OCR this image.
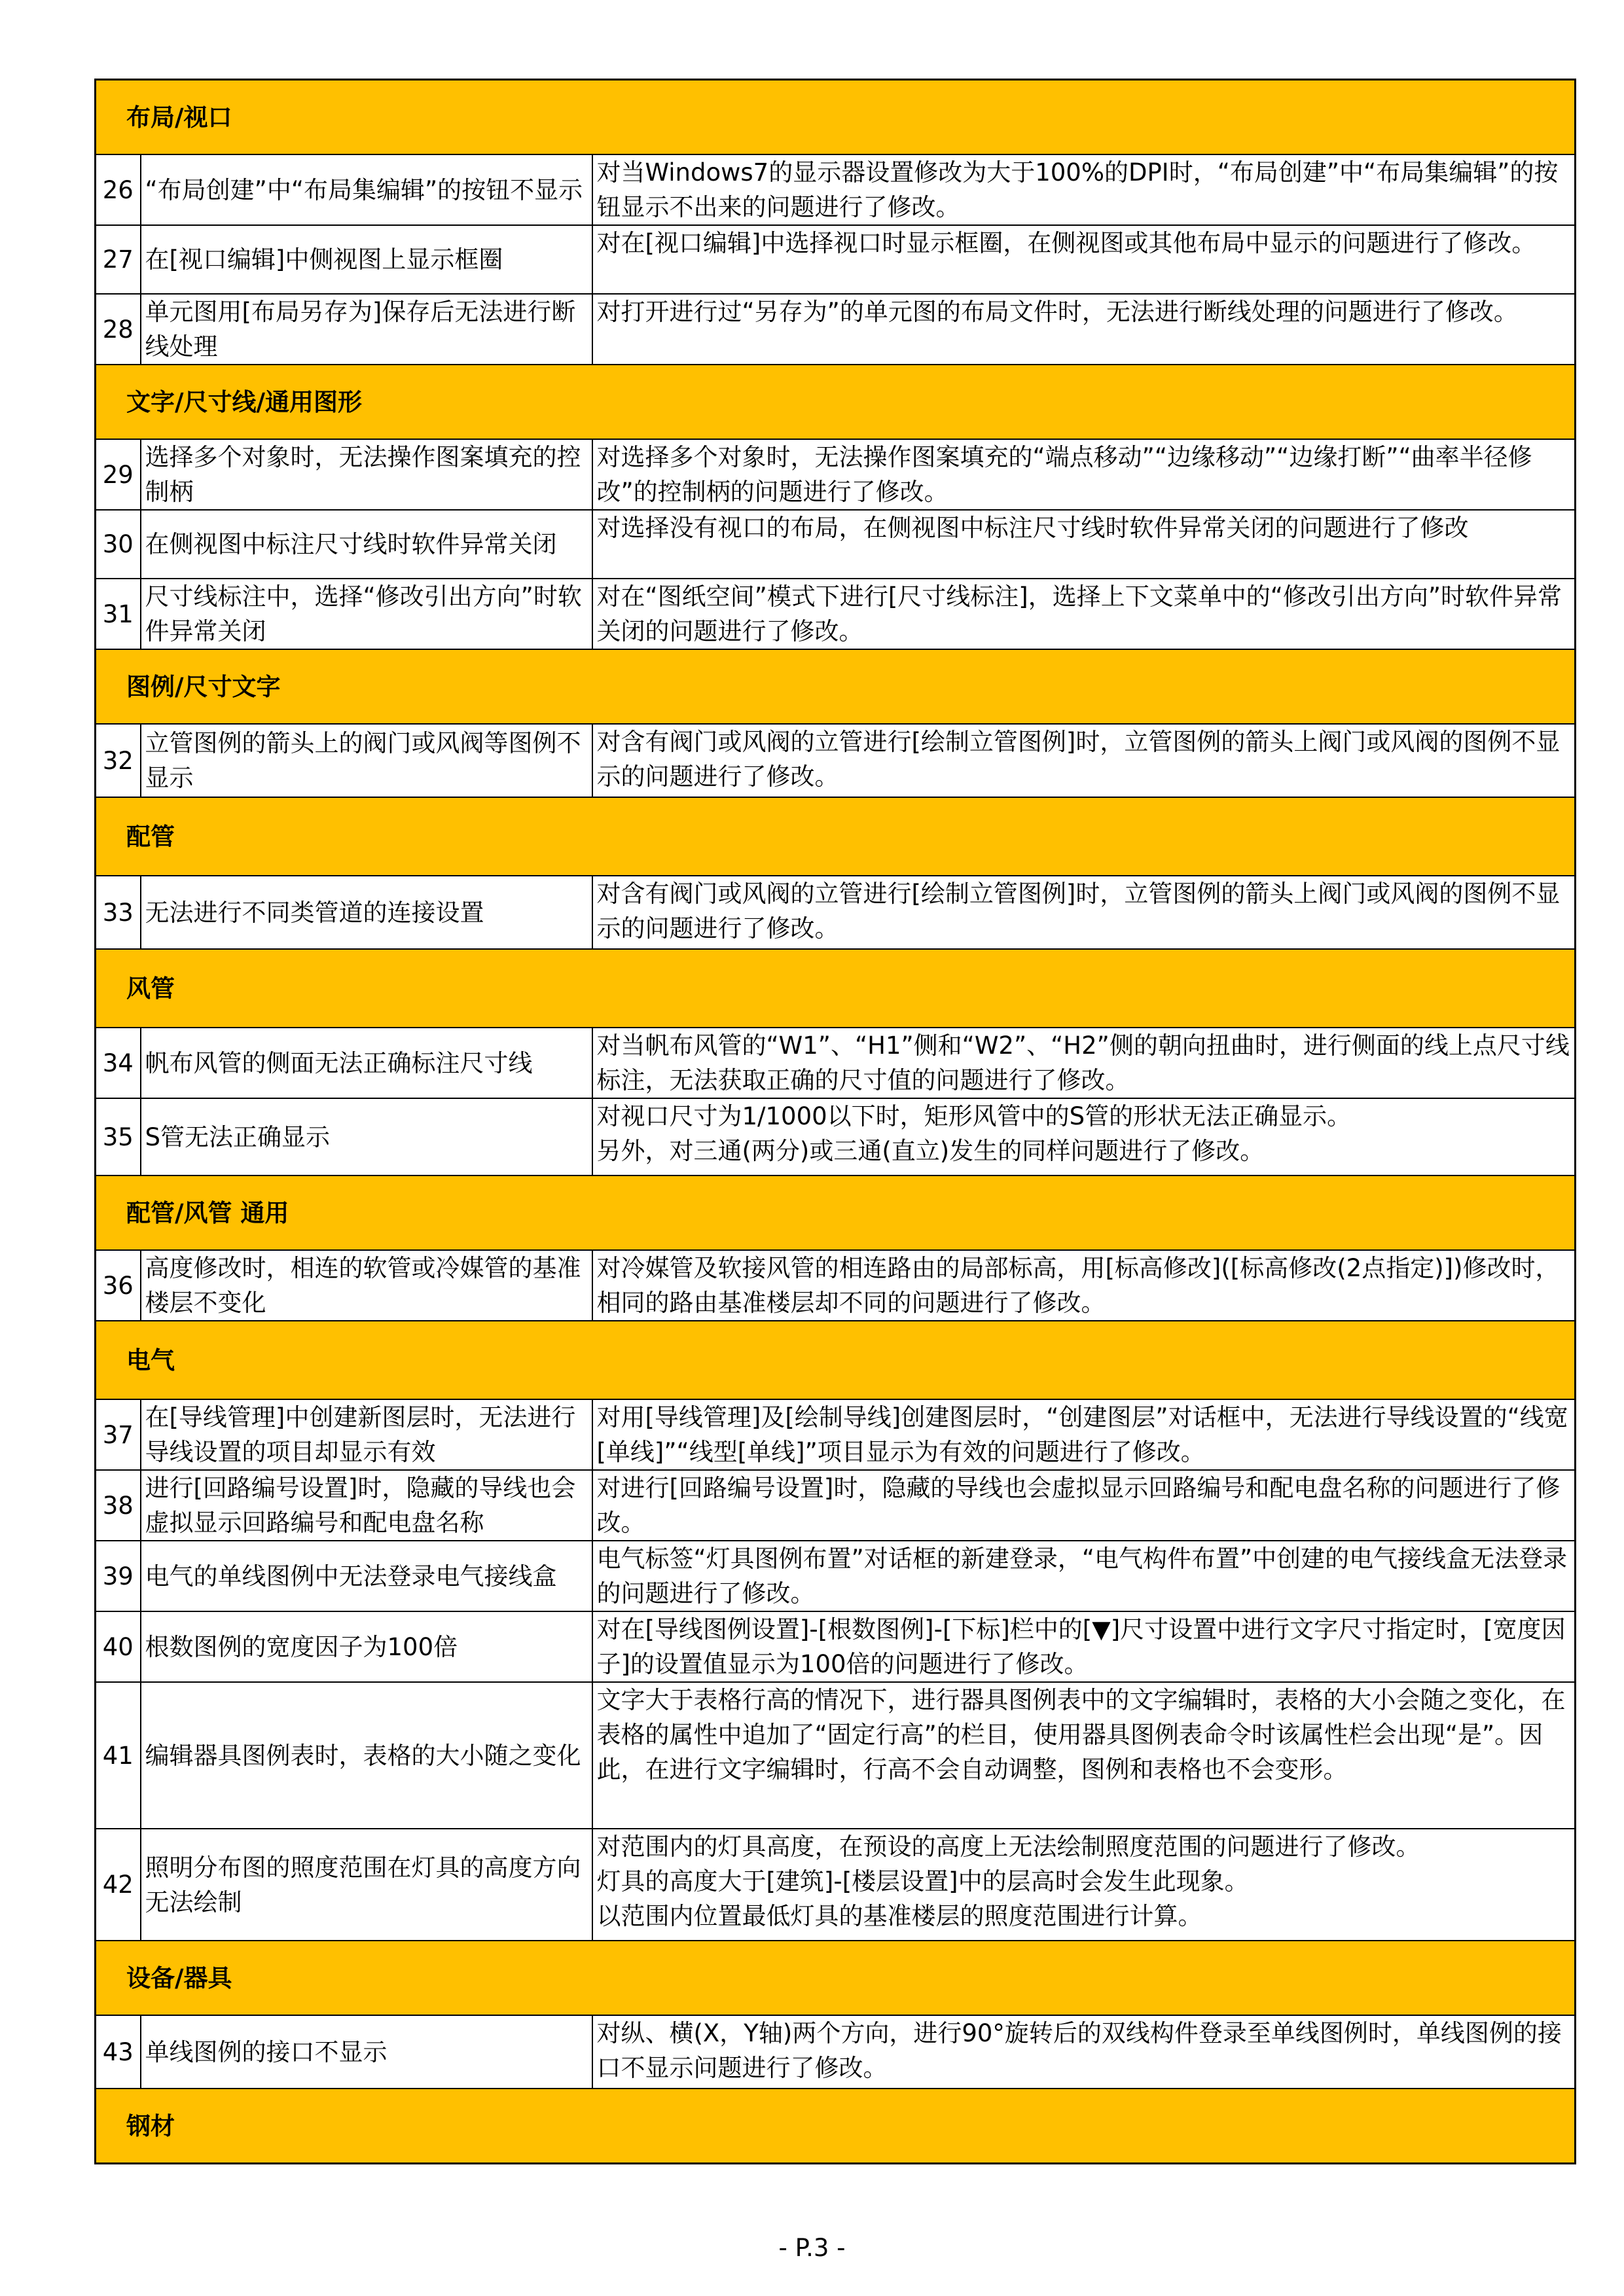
布局/视口		
26	“布局创建”中“布局集编辑”的按钮不显示	对当Windows7的显示器设置修改为大于100%的DPI时，“布局创建”中“布局集编辑”的按钮显示不出来的问题进行了修改。
27	在[视口编辑]中侧视图上显示框圈	对在[视口编辑]中选择视口时显示框圈，在侧视图或其他布局中显示的问题进行了修改。
28	单元图用[布局另存为]保存后无法进行断线处理	对打开进行过“另存为”的单元图的布局文件时，无法进行断线处理的问题进行了修改。
文字/尺寸线/通用图形		
29	选择多个对象时，无法操作图案填充的控制柄	对选择多个对象时，无法操作图案填充的“端点移动”“边缘移动”“边缘打断”“曲率半径修改”的控制柄的问题进行了修改。
30	在侧视图中标注尺寸线时软件异常关闭	对选择没有视口的布局，在侧视图中标注尺寸线时软件异常关闭的问题进行了修改
31	尺寸线标注中，选择“修改引出方向”时软件异常关闭	对在“图纸空间”模式下进行[尺寸线标注]，选择上下文菜单中的“修改引出方向”时软件异常关闭的问题进行了修改。
图例/尺寸文字		
32	立管图例的箭头上的阀门或风阀等图例不显示	对含有阀门或风阀的立管进行[绘制立管图例]时，立管图例的箭头上阀门或风阀的图例不显示的问题进行了修改。
配管		
33	无法进行不同类管道的连接设置	对含有阀门或风阀的立管进行[绘制立管图例]时，立管图例的箭头上阀门或风阀的图例不显示的问题进行了修改。
风管		
34	帆布风管的侧面无法正确标注尺寸线	对当帆布风管的“W1”、“H1”侧和“W2”、“H2”侧的朝向扭曲时，进行侧面的线上点尺寸线标注，无法获取正确的尺寸值的问题进行了修改。
35	S管无法正确显示	对视口尺寸为1/1000以下时，矩形风管中的S管的形状无法正确显示。
另外，对三通(两分)或三通(直立)发生的同样问题进行了修改。
配管/风管 通用		
36	高度修改时，相连的软管或冷媒管的基准楼层不变化	对冷媒管及软接风管的相连路由的局部标高，用[标高修改]([标高修改(2点指定)])修改时，相同的路由基准楼层却不同的问题进行了修改。
电气		
37	在[导线管理]中创建新图层时，无法进行导线设置的项目却显示有效	对用[导线管理]及[绘制导线]创建图层时，“创建图层”对话框中，无法进行导线设置的“线宽[单线]”“线型[单线]”项目显示为有效的问题进行了修改。
38	进行[回路编号设置]时，隐藏的导线也会虚拟显示回路编号和配电盘名称	对进行[回路编号设置]时，隐藏的导线也会虚拟显示回路编号和配电盘名称的问题进行了修改。
39	电气的单线图例中无法登录电气接线盒	电气标签“灯具图例布置”对话框的新建登录，“电气构件布置”中创建的电气接线盒无法登录的问题进行了修改。
40	根数图例的宽度因子为100倍	对在[导线图例设置]-[根数图例]-[下标]栏中的[▼]尺寸设置中进行文字尺寸指定时，[宽度因子]的设置值显示为100倍的问题进行了修改。
41	编辑器具图例表时，表格的大小随之变化	文字大于表格行高的情况下，进行器具图例表中的文字编辑时，表格的大小会随之变化，在表格的属性中追加了“固定行高”的栏目，使用器具图例表命令时该属性栏会出现“是”。因此，在进行文字编辑时，行高不会自动调整，图例和表格也不会变形。
42	照明分布图的照度范围在灯具的高度方向无法绘制	对范围内的灯具高度，在预设的高度上无法绘制照度范围的问题进行了修改。
灯具的高度大于[建筑]-[楼层设置]中的层高时会发生此现象。
以范围内位置最低灯具的基准楼层的照度范围进行计算。
设备/器具		
43	单线图例的接口不显示	对纵、横(X，Y轴)两个方向，进行90°旋转后的双线构件登录至单线图例时，单线图例的接口不显示问题进行了修改。
钢材		
- P.3 -
